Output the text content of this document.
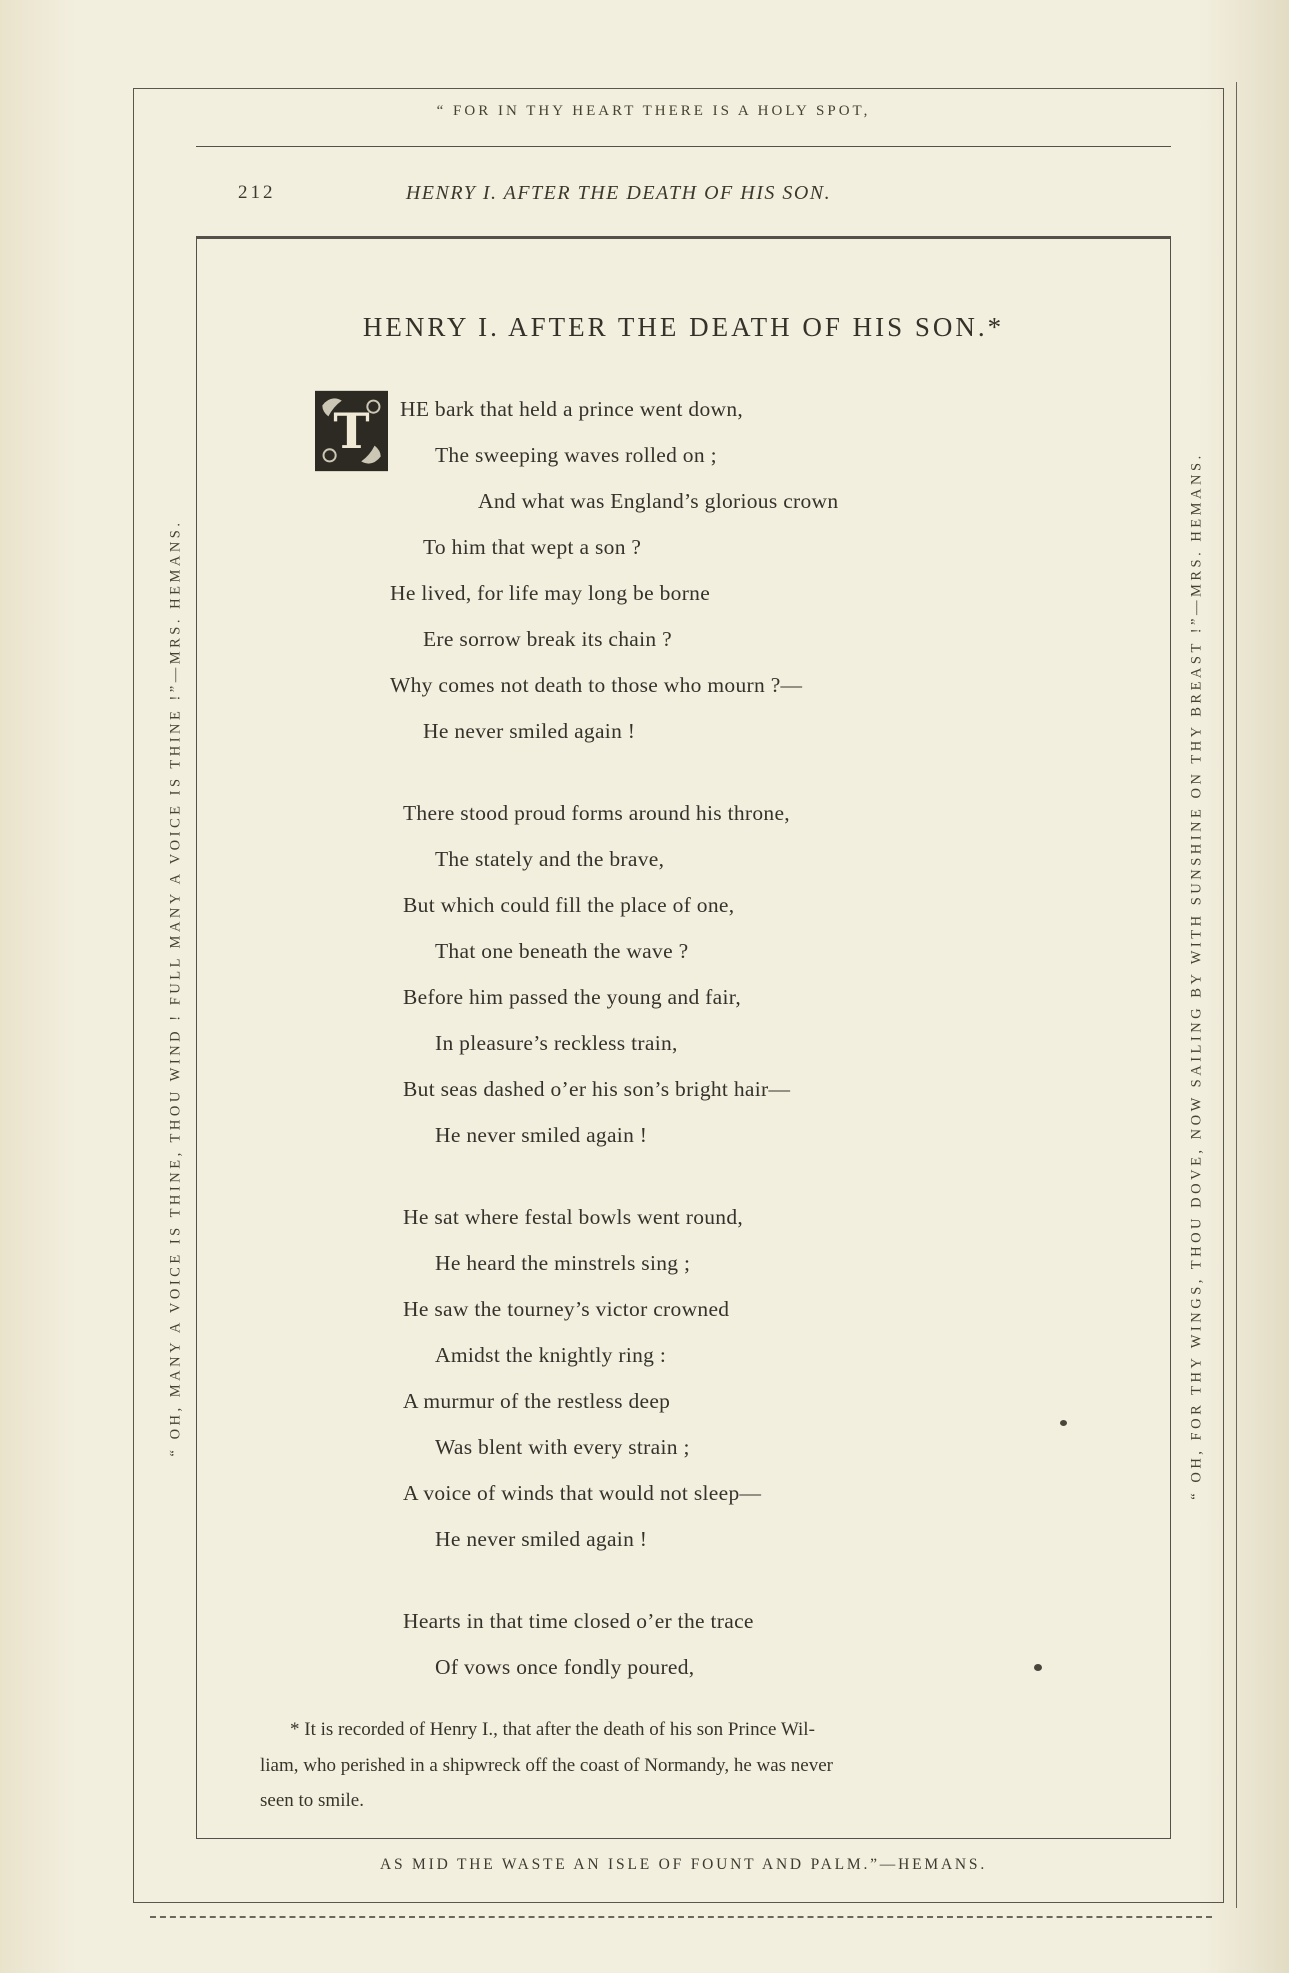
“ FOR IN THY HEART THERE IS A HOLY SPOT,
212	HENRY I. AFTER THE DEATH OF HIS SON.
HENRY I. AFTER THE DEATH OF HIS SON.*
T	HE bark that held a prince went down,
The sweeping waves rolled on ;
And what was England’s glorious crown
To him that wept a son ?
He lived, for life may long be borne
Ere sorrow break its chain ?
Why comes not death to those who mourn ?—
He never smiled again !
There stood proud forms around his throne,
The stately and the brave,
But which could fill the place of one,
That one beneath the wave ?
Before him passed the young and fair,
In pleasure’s reckless train,
But seas dashed o’er his son’s bright hair—
He never smiled again !
He sat where festal bowls went round,
He heard the minstrels sing ;
He saw the tourney’s victor crowned
Amidst the knightly ring :
A murmur of the restless deep
Was blent with every strain ;
A voice of winds that would not sleep—
He never smiled again !
Hearts in that time closed o’er the trace
Of vows once fondly poured,
* It is recorded of Henry I., that after the death of his son Prince Wil-
liam, who perished in a shipwreck off the coast of Normandy, he was never
seen to smile.
AS MID THE WASTE AN ISLE OF FOUNT AND PALM.”—HEMANS.
“ OH, MANY A VOICE IS THINE, THOU WIND ! FULL MANY A VOICE IS THINE !”—MRS. HEMANS.	“ OH, FOR THY WINGS, THOU DOVE, NOW SAILING BY WITH SUNSHINE ON THY BREAST !”—MRS. HEMANS.
